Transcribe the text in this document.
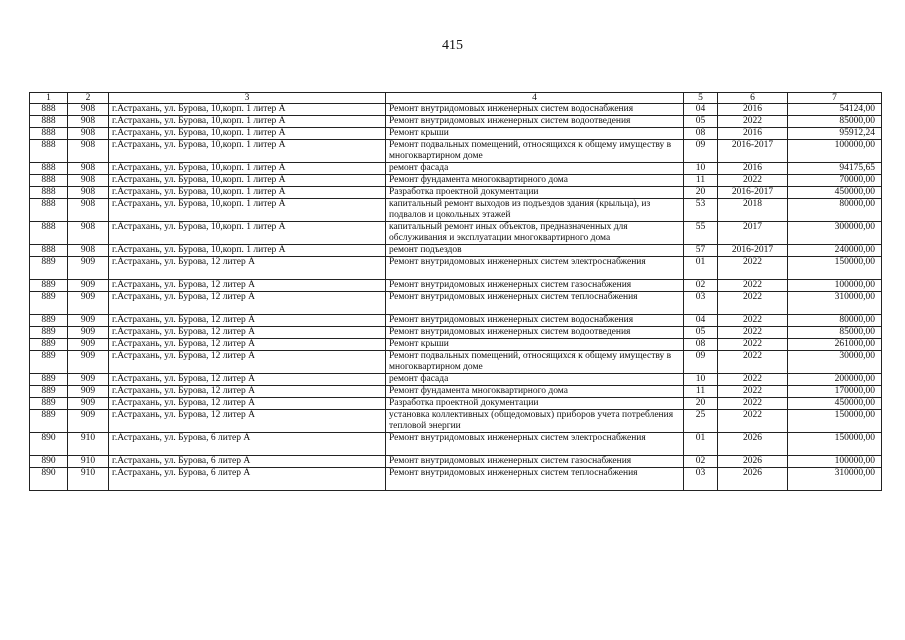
415
1	2	3	4	5	6	7
888	908	г.Астрахань, ул. Бурова, 10,корп. 1 литер А	Ремонт внутридомовых инженерных систем водоснабжения	04	2016	54124,00
888	908	г.Астрахань, ул. Бурова, 10,корп. 1 литер А	Ремонт внутридомовых инженерных систем водоотведения	05	2022	85000,00
888	908	г.Астрахань, ул. Бурова, 10,корп. 1 литер А	Ремонт крыши	08	2016	95912,24
888	908	г.Астрахань, ул. Бурова, 10,корп. 1 литер А	Ремонт подвальных помещений, относящихся к общему имуществу в многоквартирном доме	09	2016-2017	100000,00
888	908	г.Астрахань, ул. Бурова, 10,корп. 1 литер А	ремонт фасада	10	2016	94175,65
888	908	г.Астрахань, ул. Бурова, 10,корп. 1 литер А	Ремонт фундамента многоквартирного дома	11	2022	70000,00
888	908	г.Астрахань, ул. Бурова, 10,корп. 1 литер А	Разработка проектной документации	20	2016-2017	450000,00
888	908	г.Астрахань, ул. Бурова, 10,корп. 1 литер А	капитальный ремонт выходов из подъездов здания (крыльца), из подвалов и цокольных этажей	53	2018	80000,00
888	908	г.Астрахань, ул. Бурова, 10,корп. 1 литер А	капитальный ремонт иных объектов, предназначенных для обслуживания и эксплуатации многоквартирного дома	55	2017	300000,00
888	908	г.Астрахань, ул. Бурова, 10,корп. 1 литер А	ремонт подъездов	57	2016-2017	240000,00
889	909	г.Астрахань, ул. Бурова, 12 литер А	Ремонт внутридомовых инженерных систем электроснабжения	01	2022	150000,00
889	909	г.Астрахань, ул. Бурова, 12 литер А	Ремонт внутридомовых инженерных систем газоснабжения	02	2022	100000,00
889	909	г.Астрахань, ул. Бурова, 12 литер А	Ремонт внутридомовых инженерных систем теплоснабжения	03	2022	310000,00
889	909	г.Астрахань, ул. Бурова, 12 литер А	Ремонт внутридомовых инженерных систем водоснабжения	04	2022	80000,00
889	909	г.Астрахань, ул. Бурова, 12 литер А	Ремонт внутридомовых инженерных систем водоотведения	05	2022	85000,00
889	909	г.Астрахань, ул. Бурова, 12 литер А	Ремонт крыши	08	2022	261000,00
889	909	г.Астрахань, ул. Бурова, 12 литер А	Ремонт подвальных помещений, относящихся к общему имуществу в многоквартирном доме	09	2022	30000,00
889	909	г.Астрахань, ул. Бурова, 12 литер А	ремонт фасада	10	2022	200000,00
889	909	г.Астрахань, ул. Бурова, 12 литер А	Ремонт фундамента многоквартирного дома	11	2022	170000,00
889	909	г.Астрахань, ул. Бурова, 12 литер А	Разработка проектной документации	20	2022	450000,00
889	909	г.Астрахань, ул. Бурова, 12 литер А	установка коллективных (общедомовых) приборов учета потребления тепловой энергии	25	2022	150000,00
890	910	г.Астрахань, ул. Бурова, 6 литер А	Ремонт внутридомовых инженерных систем электроснабжения	01	2026	150000,00
890	910	г.Астрахань, ул. Бурова, 6 литер А	Ремонт внутридомовых инженерных систем газоснабжения	02	2026	100000,00
890	910	г.Астрахань, ул. Бурова, 6 литер А	Ремонт внутридомовых инженерных систем теплоснабжения	03	2026	310000,00
